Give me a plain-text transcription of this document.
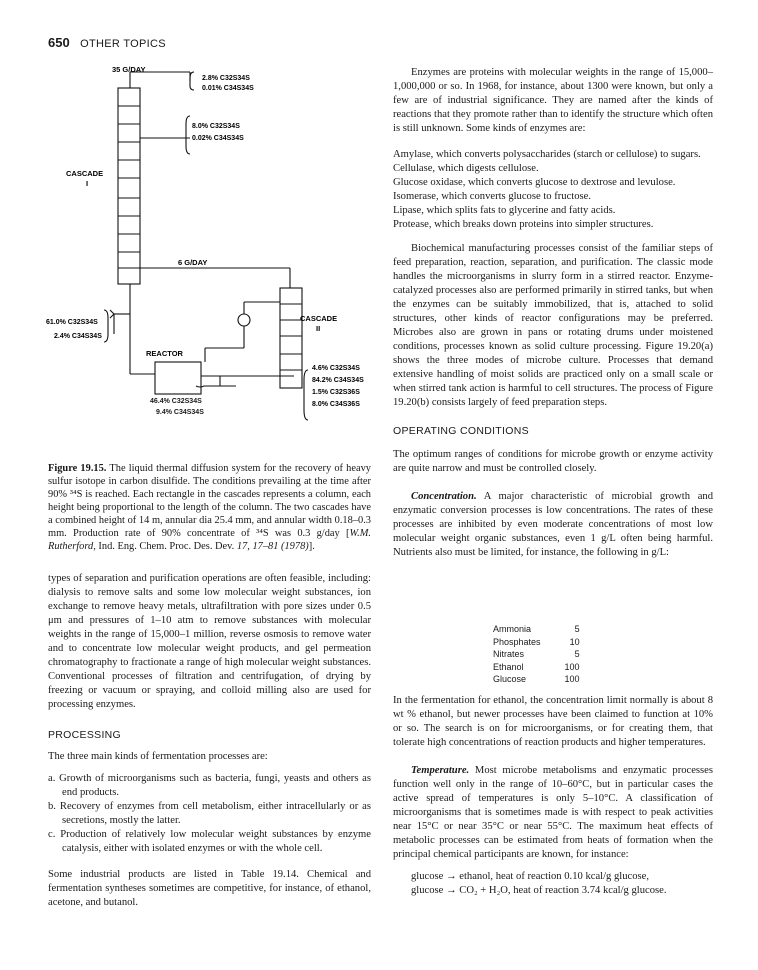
650 OTHER TOPICS
35 G/DAY
2.8% C32S34S
0.01% C34S34S
8.0% C32S34S
0.02% C34S34S
CASCADE
I
6 G/DAY
61.0% C32S34S
2.4% C34S34S
REACTOR
CASCADE
II
4.6% C32S34S
84.2% C34S34S
1.5% C32S36S
8.0% C34S36S
46.4% C32S34S
9.4% C34S34S
Figure 19.15. The liquid thermal diffusion system for the recovery of heavy sulfur isotope in carbon disulfide. The conditions prevailing at the time after 90% ³⁴S is reached. Each rectangle in the cascades represents a column, each height being proportional to the length of the column. The two cascades have a combined height of 14 m, annular dia 25.4 mm, and annular width 0.18–0.3 mm. Production rate of 90% concentrate of ³⁴S was 0.3 g/day [W.M. Rutherford, Ind. Eng. Chem. Proc. Des. Dev. 17, 17–81 (1978)].

types of separation and purification operations are often feasible, including: dialysis to remove salts and some low molecular weight substances, ion exchange to remove heavy metals, ultrafiltration with pore sizes under 0.5 μm and pressures of 1–10 atm to remove substances with molecular weights in the range of 15,000–1 million, reverse osmosis to remove water and to concentrate low molecular weight products, and gel permeation chromatography to fractionate a range of high molecular weight substances. Conventional processes of filtration and centrifugation, of drying by freezing or vacuum or spraying, and colloid milling also are used for processing enzymes.

PROCESSING

The three main kinds of fermentation processes are:

a. Growth of microorganisms such as bacteria, fungi, yeasts and others as end products.

b. Recovery of enzymes from cell metabolism, either intracellularly or as secretions, mostly the latter.

c. Production of relatively low molecular weight substances by enzyme catalysis, either with isolated enzymes or with the whole cell.

Some industrial products are listed in Table 19.14. Chemical and fermentation syntheses sometimes are competitive, for instance, of ethanol, acetone, and butanol.

Enzymes are proteins with molecular weights in the range of 15,000–1,000,000 or so. In 1968, for instance, about 1300 were known, but only a few are of industrial significance. They are named after the kinds of reactions that they promote rather than to identify the structure which often is still unknown. Some kinds of enzymes are:

Amylase, which converts polysaccharides (starch or cellulose) to sugars.

Cellulase, which digests cellulose.

Glucose oxidase, which converts glucose to dextrose and levulose.

Isomerase, which converts glucose to fructose.

Lipase, which splits fats to glycerine and fatty acids.

Protease, which breaks down proteins into simpler structures.

Biochemical manufacturing processes consist of the familiar steps of feed preparation, reaction, separation, and purification. The classic mode handles the microorganisms in slurry form in a stirred reactor. Enzyme-catalyzed processes also are performed primarily in stirred tanks, but when the enzymes can be suitably immobilized, that is, attached to solid structures, other kinds of reactor configurations may be preferred. Microbes also are grown in pans or rotating drums under moistened conditions, processes known as solid culture processing. Figure 19.20(a) shows the three modes of microbe culture. Processes that demand extensive handling of moist solids are practiced only on a small scale or when stirred tank action is harmful to cell structures. The process of Figure 19.20(b) consists largely of feed preparation steps.

OPERATING CONDITIONS

The optimum ranges of conditions for microbe growth or enzyme activity are quite narrow and must be controlled closely.

Concentration. A major characteristic of microbial growth and enzymatic conversion processes is low concentrations. The rates of these processes are inhibited by even moderate concentrations of most low molecular weight organic substances, even 1 g/L often being harmful. Nutrients also must be limited, for instance, the following in g/L:

Ammonia	5
Phosphates	10
Nitrates	5
Ethanol	100
Glucose	100

In the fermentation for ethanol, the concentration limit normally is about 8 wt % ethanol, but newer processes have been claimed to function at 10% or so. The search is on for microorganisms, or for creating them, that tolerate high concentrations of reaction products and higher temperatures.

Temperature. Most microbe metabolisms and enzymatic processes function well only in the range of 10–60°C, but in particular cases the active spread of temperatures is only 5–10°C. A classification of microorganisms that is sometimes made is with respect to peak activities near 15°C or near 35°C or near 55°C. The maximum heat effects of metabolic processes can be estimated from heats of formation when the principal chemical participants are known, for instance:

glucose → ethanol, heat of reaction 0.10 kcal/g glucose,

glucose → CO₂ + H₂O, heat of reaction 3.74 kcal/g glucose.
